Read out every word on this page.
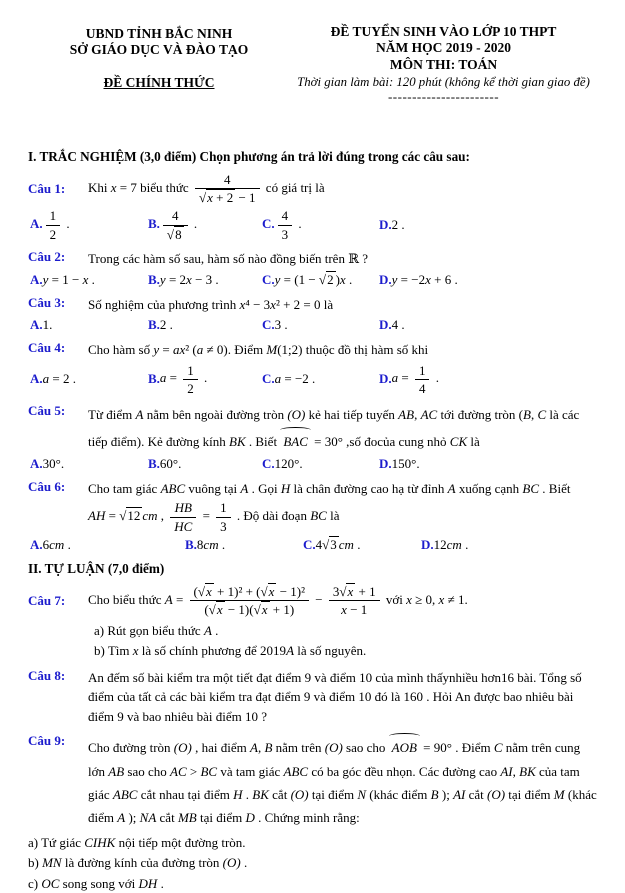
UBND TỈNH BẮC NINH
SỞ GIÁO DỤC VÀ ĐÀO TẠO
ĐỀ CHÍNH THỨC
ĐỀ TUYỂN SINH VÀO LỚP 10 THPT
NĂM HỌC 2019 - 2020
MÔN THI: TOÁN
Thời gian làm bài: 120 phút (không kể thời gian giao đề)
-----------------------
I. TRẮC NGHIỆM (3,0 điểm) Chọn phương án trả lời đúng trong các câu sau:
Câu 1:	Khi x = 7 biểu thức $\frac{4}{√x + 2 - 1}$ có giá trị là
A. $\frac{1}{2}$ .	B. $\frac{4}{√8}$ .	C. $\frac{4}{3}$ .	D.2 .
Câu 2:	Trong các hàm số sau, hàm số nào đồng biến trên ℝ ?
A.y = 1 − x .	B.y = 2x − 3 .	C.y = (1 − √2 )x .	D.y = −2x + 6 .
Câu 3:	Số nghiệm của phương trình x⁴ − 3x² + 2 = 0 là
A.1.	B.2 .	C.3 .	D.4 .
Câu 4:	Cho hàm số y = ax² (a ≠ 0). Điểm M(1;2) thuộc đồ thị hàm số khi
A.a = 2 .	$B.a = \frac{1}{2}$ .	C.a = −2 .	$D.a = \frac{1}{4}$ .
Câu 5:	Từ điểm A nằm bên ngoài đường tròn (O) kẻ hai tiếp tuyến AB, AC tới đường tròn (B, C là các tiếp điểm). Kẻ đường kính BK . Biết BAC = 30° ,số đocủa cung nhỏ CK là
A.30°.	B.60°.	C.120°.	D.150°.
Câu 6:	Cho tam giác ABC vuông tại A . Gọi H là chân đường cao hạ từ đỉnh A xuống cạnh BC . Biết
AH = √12 cm , $\frac{HB}{HC} = \frac{1}{3}$ . Độ dài đoạn BC là
A.6cm .	B.8cm .	C.4√3 cm .	D.12cm .
II. TỰ LUẬN (7,0 điểm)
Câu 7:	Cho biểu thức $A = \frac{\text{(√x + 1)² + (√x − 1)²}}{(√x - 1)(√x + 1)} - \frac{3√x + 1}{x - 1}$ với x ≥ 0, x ≠ 1.
a) Rút gọn biểu thức A .
b) Tìm x là số chính phương để 2019A là số nguyên.
Câu 8:	An đếm số bài kiểm tra một tiết đạt điểm 9 và điểm 10 của mình thấynhiều hơn16 bài. Tổng số điểm của tất cả các bài kiểm tra đạt điểm 9 và điểm 10 đó là 160 . Hỏi An được bao nhiêu bài điểm 9 và bao nhiêu bài điểm 10 ?
Câu 9:	Cho đường tròn (O) , hai điểm A, B nằm trên (O) sao cho AOB = 90° . Điểm C nằm trên cung lớn AB sao cho AC > BC và tam giác ABC có ba góc đều nhọn. Các đường cao AI, BK của tam giác ABC cắt nhau tại điểm H . BK cắt (O) tại điểm N (khác điểm B ); AI cắt (O) tại điểm M (khác điểm A ); NA cắt MB tại điểm D . Chứng minh rằng:
a) Tứ giác CIHK nội tiếp một đường tròn.
b) MN là đường kính của đường tròn (O) .
c) OC song song với DH .
